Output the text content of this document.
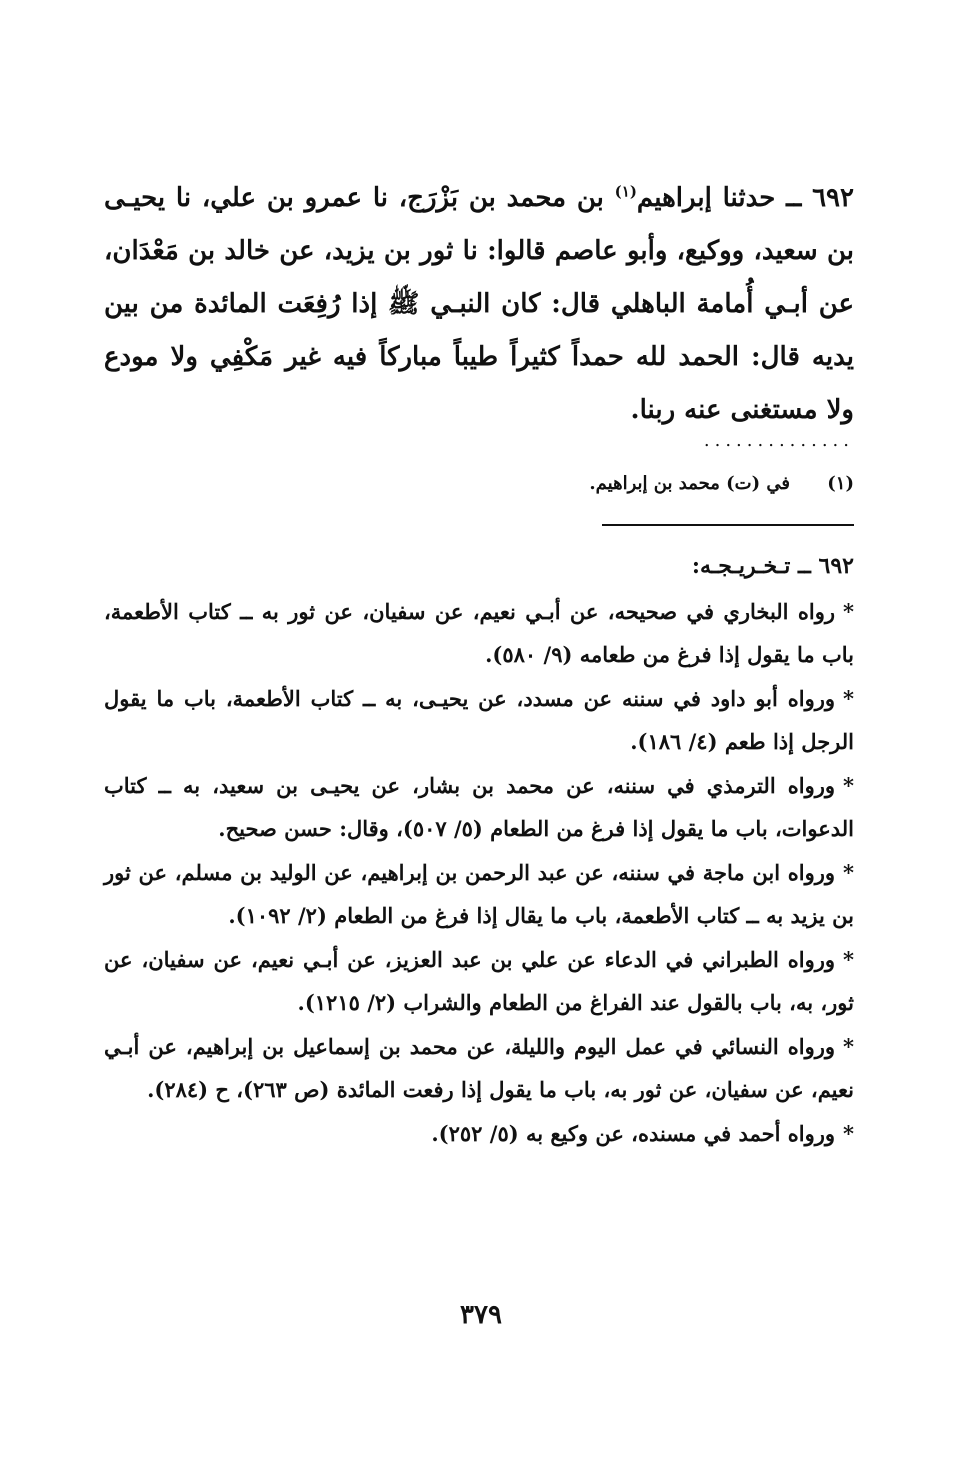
٦٩٢ ــ حدثنا إبراهيم$^{(١)}$ بن محمد بن بَزْرَج، نا عمرو بن علي، نا يحيـى بن سعيد، ووكيع، وأبو عاصم قالوا: نا ثور بن يزيد، عن خالد بن مَعْدَان، عن أبـي أُمامة الباهلي قال: كان النبـي ﷺ إذا رُفِعَت المائدة من بين يديه قال: الحمد لله حمداً كثيراً طيباً مباركاً فيه غير مَكْفِي ولا مودع ولا مستغنى عنه ربنا.
..............
(١)في (ت) محمد بن إبراهيم.
٦٩٢ ــ تـخـريـجـه:
*رواه البخاري في صحيحه، عن أبـي نعيم، عن سفيان، عن ثور به ــ كتاب الأطعمة، باب ما يقول إذا فرغ من طعامه (٩/ ٥٨٠).
*ورواه أبو داود في سننه عن مسدد، عن يحيـى، به ــ كتاب الأطعمة، باب ما يقول الرجل إذا طعم (٤/ ١٨٦).
*ورواه الترمذي في سننه، عن محمد بن بشار، عن يحيـى بن سعيد، به ــ كتاب الدعوات، باب ما يقول إذا فرغ من الطعام (٥/ ٥٠٧)، وقال: حسن صحيح.
*ورواه ابن ماجة في سننه، عن عبد الرحمن بن إبراهيم، عن الوليد بن مسلم، عن ثور بن يزيد به ــ كتاب الأطعمة، باب ما يقال إذا فرغ من الطعام (٢/ ١٠٩٢).
*ورواه الطبراني في الدعاء عن علي بن عبد العزيز، عن أبـي نعيم، عن سفيان، عن ثور، به، باب بالقول عند الفراغ من الطعام والشراب (٢/ ١٢١٥).
*ورواه النسائي في عمل اليوم والليلة، عن محمد بن إسماعيل بن إبراهيم، عن أبـي نعيم، عن سفيان، عن ثور به، باب ما يقول إذا رفعت المائدة (ص ٢٦٣)، ح (٢٨٤).
*ورواه أحمد في مسنده، عن وكيع به (٥/ ٢٥٢).
٣٧٩
